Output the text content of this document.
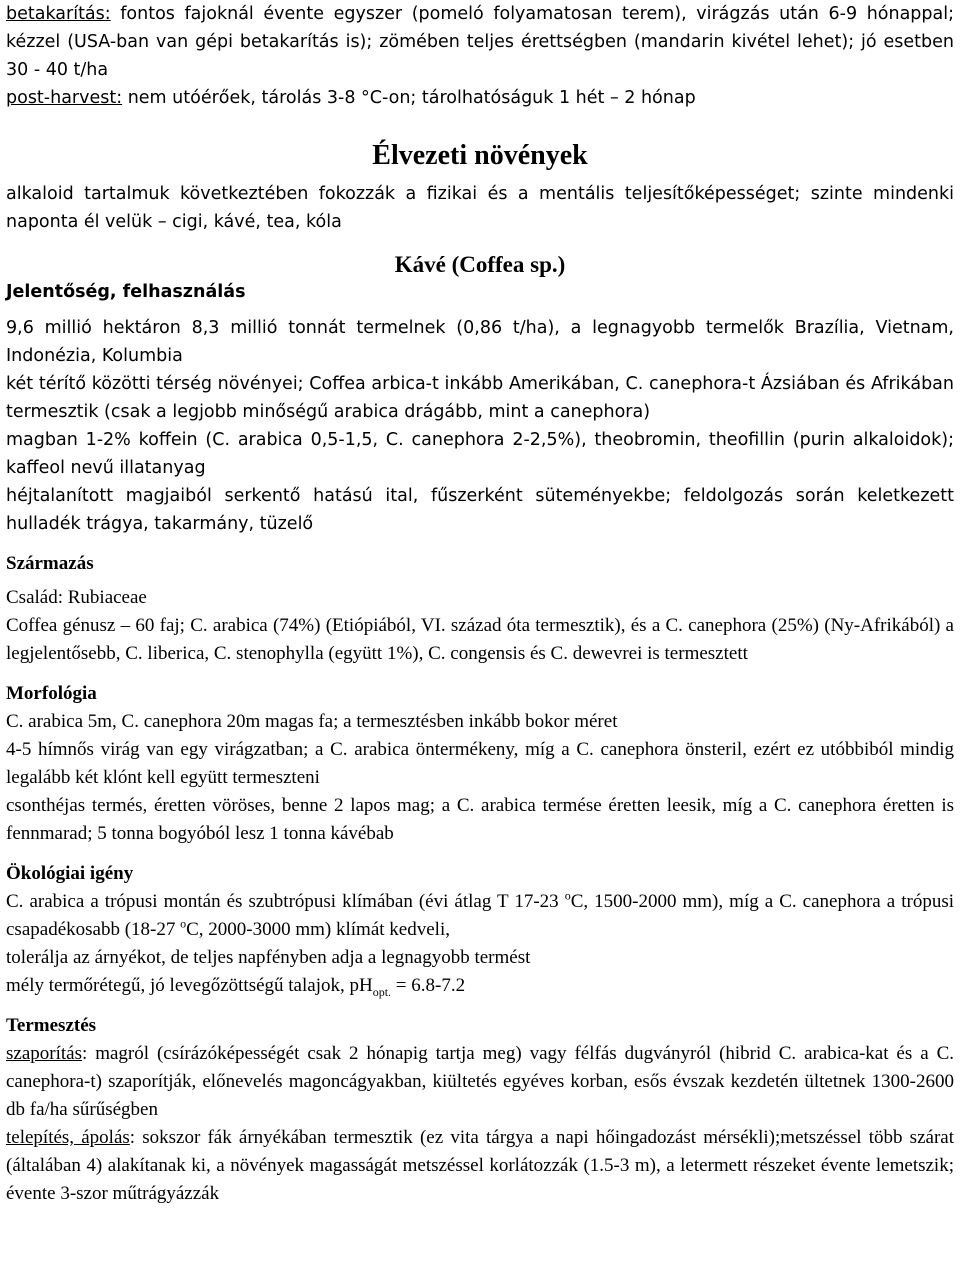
betakarítás: fontos fajoknál évente egyszer (pomeló folyamatosan terem), virágzás után 6-9 hónappal; kézzel (USA-ban van gépi betakarítás is); zömében teljes érettségben (mandarin kivétel lehet); jó esetben 30 - 40 t/ha

post-harvest: nem utóérőek, tárolás 3-8 °C-on; tárolhatóságuk 1 hét – 2 hónap

Élvezeti növények

alkaloid tartalmuk következtében fokozzák a fizikai és a mentális teljesítőképességet; szinte mindenki naponta él velük – cigi, kávé, tea, kóla

Kávé (Coffea sp.)

Jelentőség, felhasználás

9,6 millió hektáron 8,3 millió tonnát termelnek (0,86 t/ha), a legnagyobb termelők Brazília, Vietnam, Indonézia, Kolumbia

két térítő közötti térség növényei; Coffea arbica-t inkább Amerikában, C. canephora-t Ázsiában és Afrikában termesztik (csak a legjobb minőségű arabica drágább, mint a canephora)

magban 1-2% koffein (C. arabica 0,5-1,5, C. canephora 2-2,5%), theobromin, theofillin (purin alkaloidok); kaffeol nevű illatanyag

héjtalanított magjaiból serkentő hatású ital, fűszerként süteményekbe; feldolgozás során keletkezett hulladék trágya, takarmány, tüzelő

Származás

Család: Rubiaceae

Coffea génusz – 60 faj; C. arabica (74%) (Etiópiából, VI. század óta termesztik), és a C. canephora (25%) (Ny-Afrikából) a legjelentősebb, C. liberica, C. stenophylla (együtt 1%), C. congensis és C. dewevrei is termesztett

Morfológia

C. arabica 5m, C. canephora 20m magas fa; a termesztésben inkább bokor méret

4-5 hímnős virág van egy virágzatban; a C. arabica öntermékeny, míg a C. canephora önsteril, ezért ez utóbbiból mindig legalább két klónt kell együtt termeszteni

csonthéjas termés, éretten vöröses, benne 2 lapos mag; a C. arabica termése éretten leesik, míg a C. canephora éretten is fennmarad; 5 tonna bogyóból lesz 1 tonna kávébab

Ökológiai igény

C. arabica a trópusi montán és szubtrópusi klímában (évi átlag T 17-23 $^o$C, 1500-2000 mm), míg a C. canephora a trópusi csapadékosabb (18-27 $^o$C, 2000-3000 mm) klímát kedveli,

tolerálja az árnyékot, de teljes napfényben adja a legnagyobb termést

mély termőrétegű, jó levegőzöttségű talajok, $pH_{opt.} = 6.8-7.2$

Termesztés

szaporítás: magról (csírázóképességét csak 2 hónapig tartja meg) vagy félfás dugványról (hibrid C. arabica-kat és a C. canephora-t) szaporítják, előnevelés magoncágyakban, kiültetés egyéves korban, esős évszak kezdetén ültetnek 1300-2600 db fa/ha sűrűségben

telepítés, ápolás: sokszor fák árnyékában termesztik (ez vita tárgya a napi hőingadozást mérsékli);metszéssel több szárat (általában 4) alakítanak ki, a növények magasságát metszéssel korlátozzák (1.5-3 m), a letermett részeket évente lemetszik; évente 3-szor műtrágyázzák
